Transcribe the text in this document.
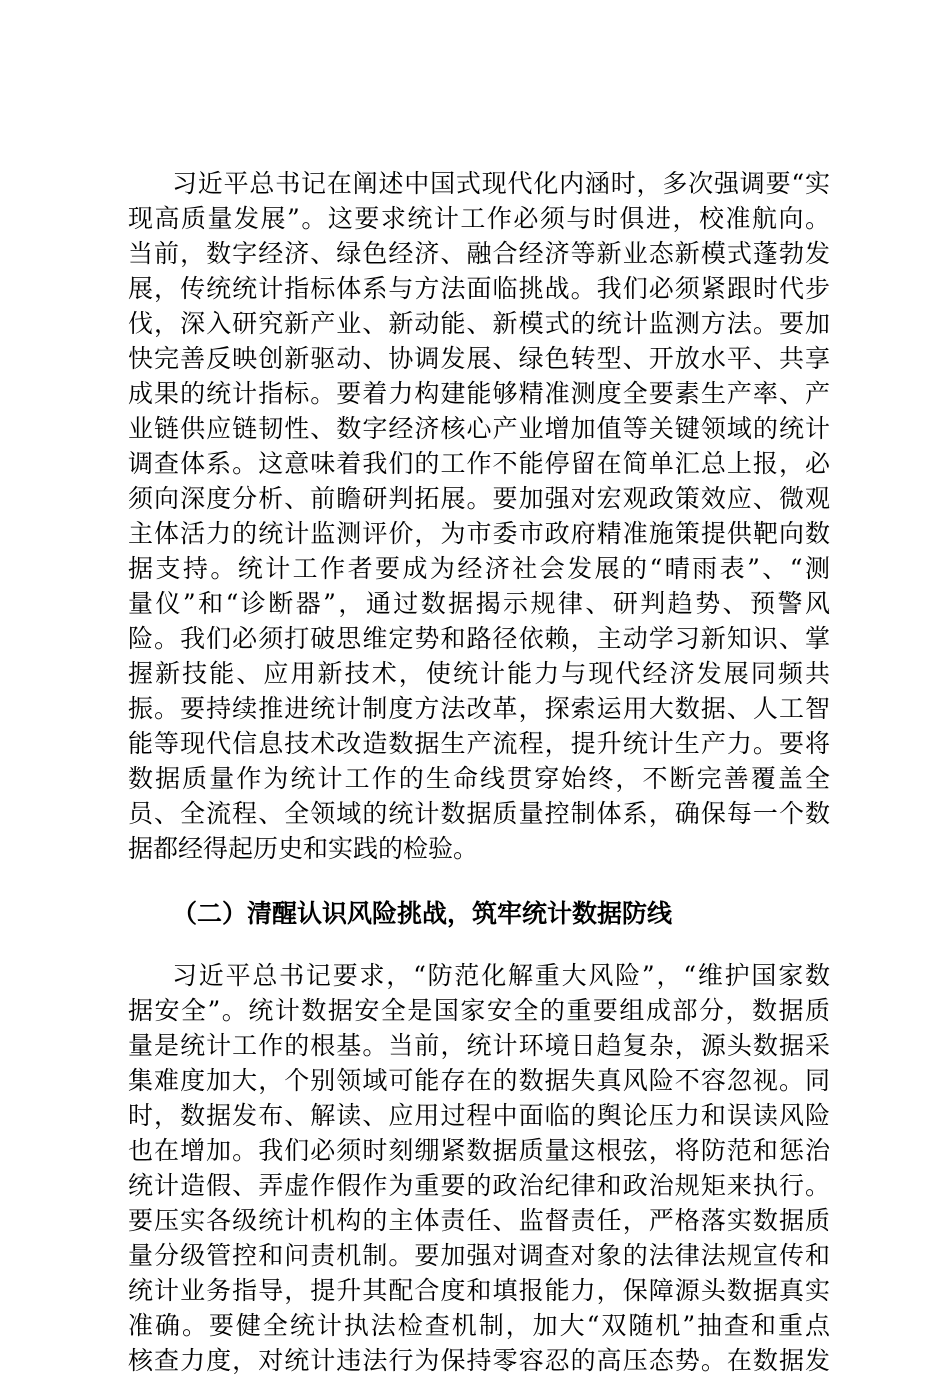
习近平总书记在阐述中国式现代化内涵时，多次强调要“实
现高质量发展”。这要求统计工作必须与时俱进，校准航向。
当前，数字经济、绿色经济、融合经济等新业态新模式蓬勃发
展，传统统计指标体系与方法面临挑战。我们必须紧跟时代步
伐，深入研究新产业、新动能、新模式的统计监测方法。要加
快完善反映创新驱动、协调发展、绿色转型、开放水平、共享
成果的统计指标。要着力构建能够精准测度全要素生产率、产
业链供应链韧性、数字经济核心产业增加值等关键领域的统计
调查体系。这意味着我们的工作不能停留在简单汇总上报，必
须向深度分析、前瞻研判拓展。要加强对宏观政策效应、微观
主体活力的统计监测评价，为市委市政府精准施策提供靶向数
据支持。统计工作者要成为经济社会发展的“晴雨表”、“测
量仪”和“诊断器”，通过数据揭示规律、研判趋势、预警风
险。我们必须打破思维定势和路径依赖，主动学习新知识、掌
握新技能、应用新技术，使统计能力与现代经济发展同频共
振。要持续推进统计制度方法改革，探索运用大数据、人工智
能等现代信息技术改造数据生产流程，提升统计生产力。要将
数据质量作为统计工作的生命线贯穿始终，不断完善覆盖全
员、全流程、全领域的统计数据质量控制体系，确保每一个数
据都经得起历史和实践的检验。
（二）清醒认识风险挑战，筑牢统计数据防线
习近平总书记要求，“防范化解重大风险”，“维护国家数
据安全”。统计数据安全是国家安全的重要组成部分，数据质
量是统计工作的根基。当前，统计环境日趋复杂，源头数据采
集难度加大，个别领域可能存在的数据失真风险不容忽视。同
时，数据发布、解读、应用过程中面临的舆论压力和误读风险
也在增加。我们必须时刻绷紧数据质量这根弦，将防范和惩治
统计造假、弄虚作假作为重要的政治纪律和政治规矩来执行。
要压实各级统计机构的主体责任、监督责任，严格落实数据质
量分级管控和问责机制。要加强对调查对象的法律法规宣传和
统计业务指导，提升其配合度和填报能力，保障源头数据真实
准确。要健全统计执法检查机制，加大“双随机”抽查和重点
核查力度，对统计违法行为保持零容忍的高压态势。在数据发
